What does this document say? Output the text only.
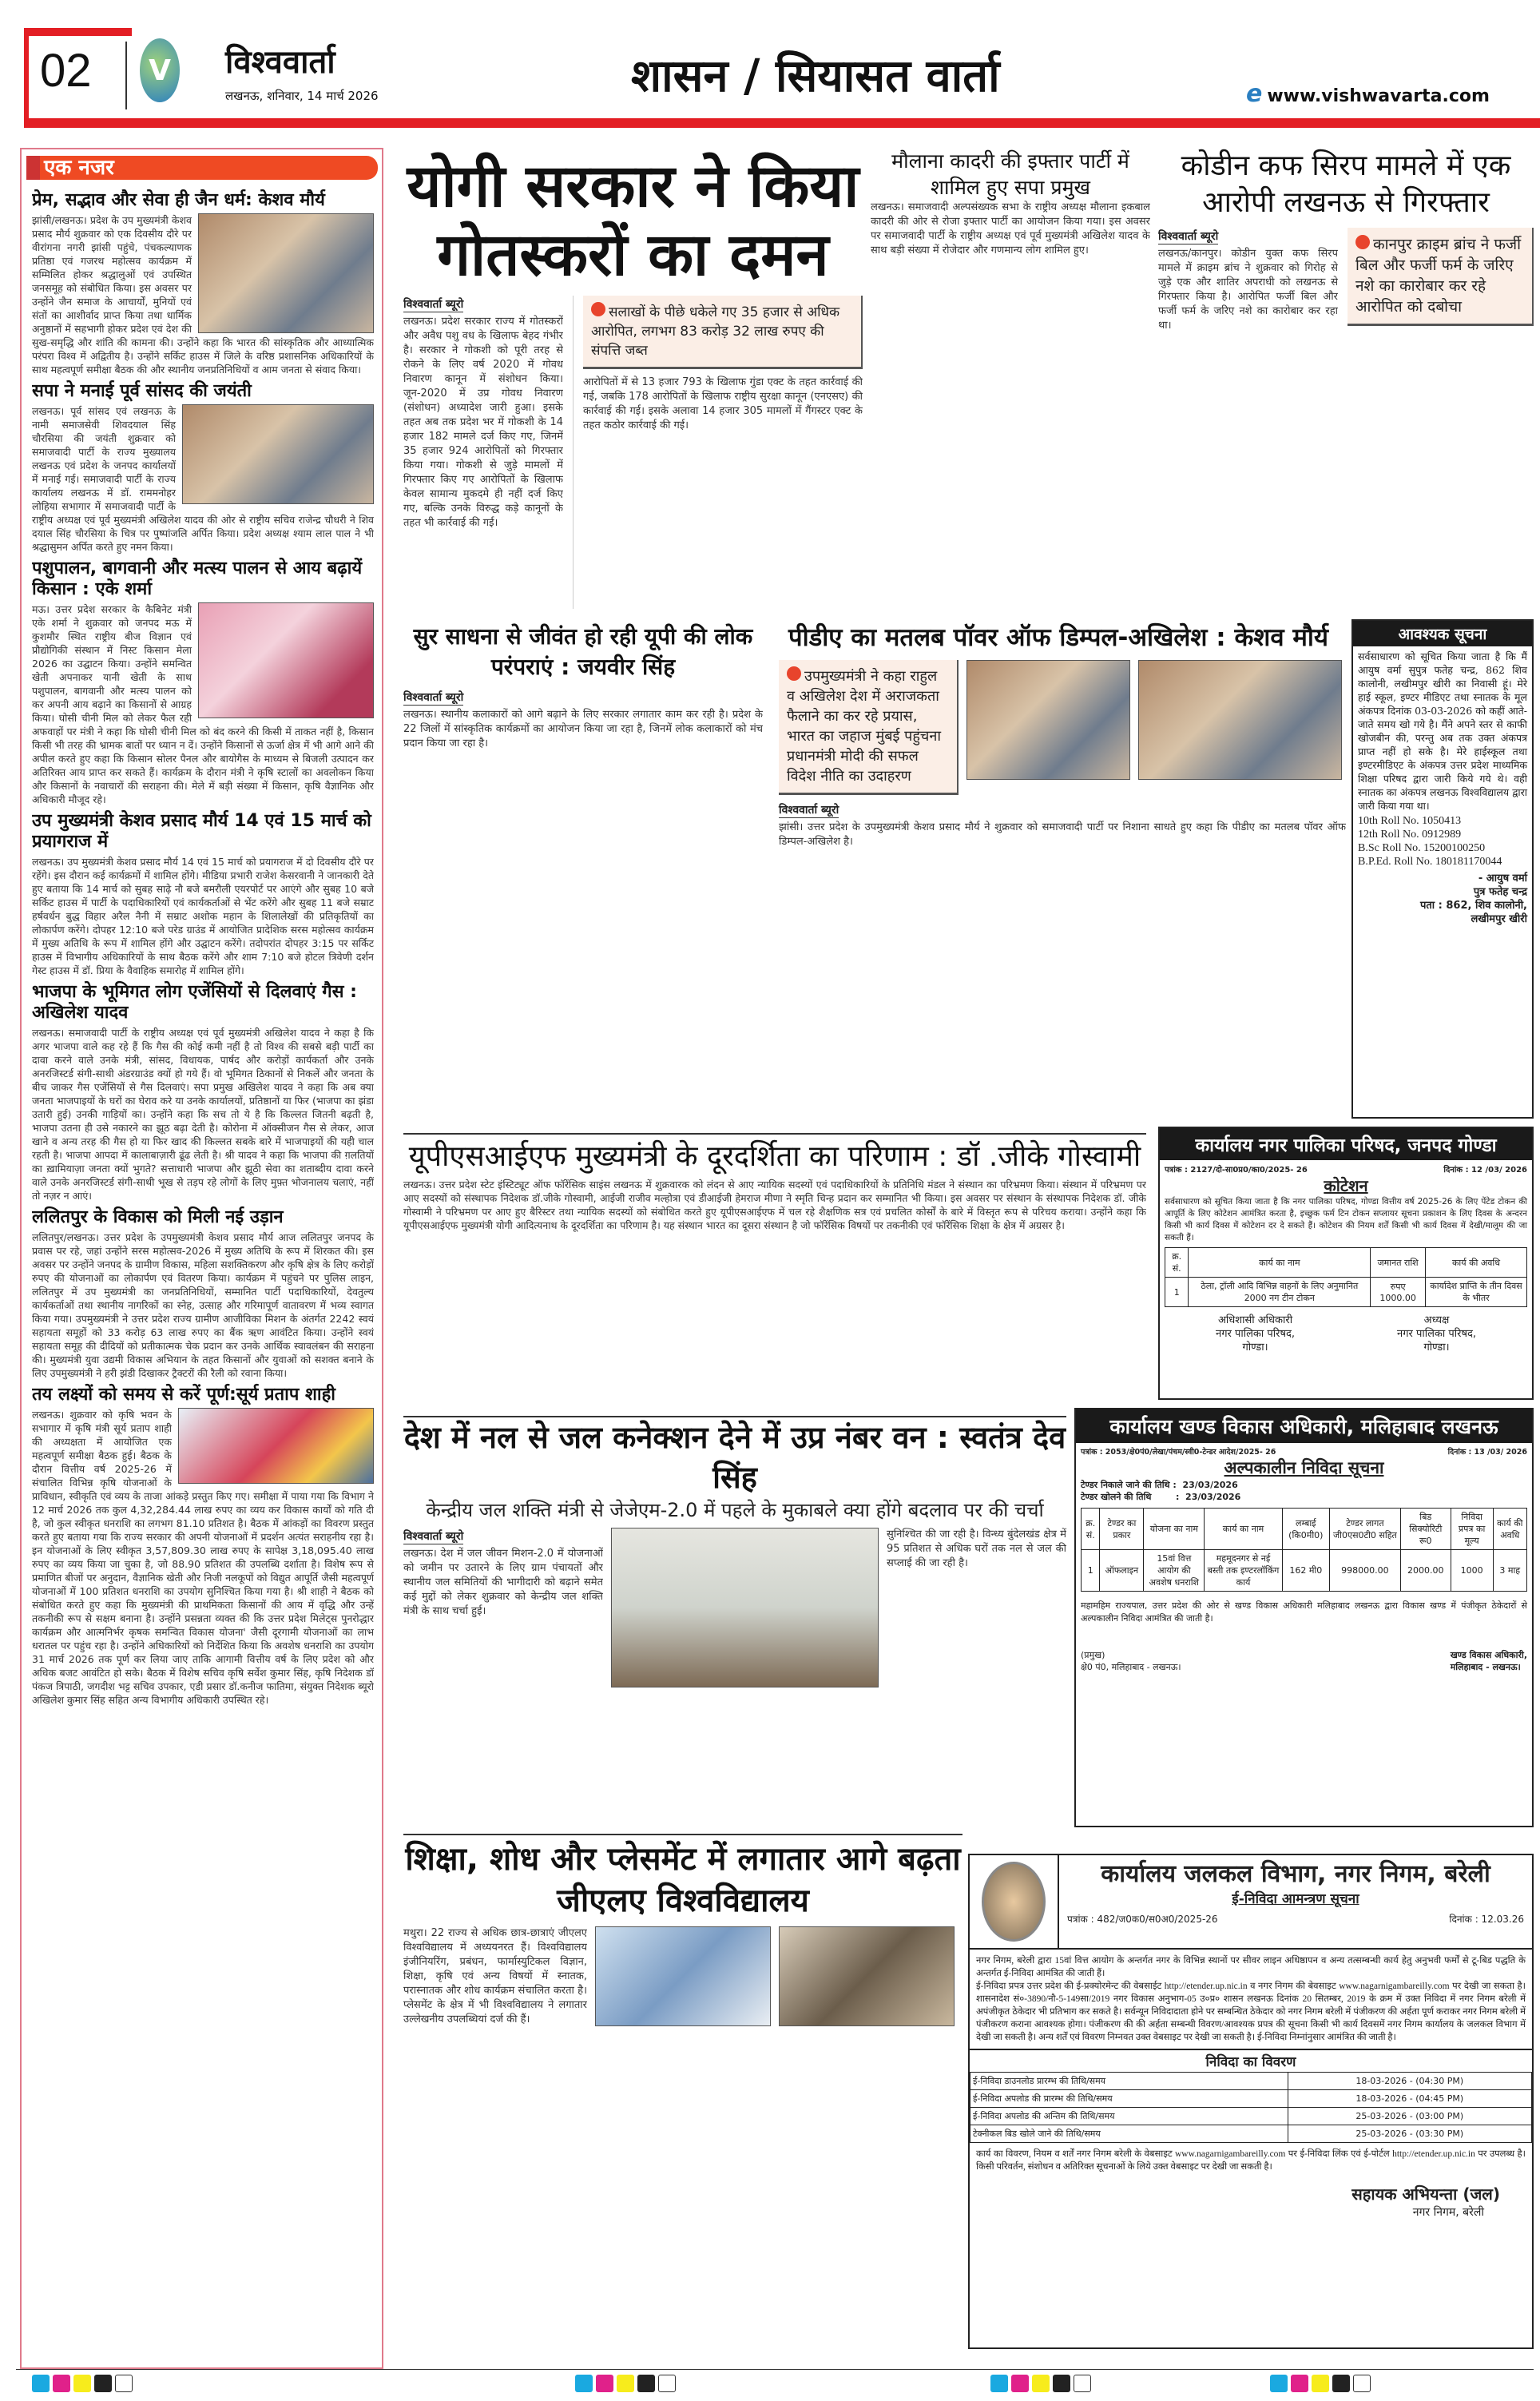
02	V विश्ववार्ता
लखनऊ, शनिवार, 14 मार्च 2026	शासन / सियासत वार्ता	e www.vishwavarta.com
एक नजर
प्रेम, सद्भाव और सेवा ही जैन धर्म: केशव मौर्य
झांसी/लखनऊ। प्रदेश के उप मुख्यमंत्री केशव प्रसाद मौर्य शुक्रवार को एक दिवसीय दौरे पर वीरांगना नगरी झांसी पहुंचे, पंचकल्याणक प्रतिष्ठा एवं गजरथ महोत्सव कार्यक्रम में सम्मिलित होकर श्रद्धालुओं एवं उपस्थित जनसमूह को संबोधित किया। इस अवसर पर उन्होंने जैन समाज के आचार्यों, मुनियों एवं संतों का आशीर्वाद प्राप्त किया तथा धार्मिक अनुष्ठानों में सहभागी होकर प्रदेश एवं देश की सुख-समृद्धि और शांति की कामना की। उन्होंने कहा कि भारत की सांस्कृतिक और आध्यात्मिक परंपरा विश्व में अद्वितीय है। उन्होंने सर्किट हाउस में जिले के वरिष्ठ प्रशासनिक अधिकारियों के साथ महत्वपूर्ण समीक्षा बैठक की और स्थानीय जनप्रतिनिधियों व आम जनता से संवाद किया।
सपा ने मनाई पूर्व सांसद की जयंती
लखनऊ। पूर्व सांसद एवं लखनऊ के नामी समाजसेवी शिवदयाल सिंह चौरसिया की जयंती शुक्रवार को समाजवादी पार्टी के राज्य मुख्यालय लखनऊ एवं प्रदेश के जनपद कार्यालयों में मनाई गई। समाजवादी पार्टी के राज्य कार्यालय लखनऊ में डॉ. राममनोहर लोहिया सभागार में समाजवादी पार्टी के राष्ट्रीय अध्यक्ष एवं पूर्व मुख्यमंत्री अखिलेश यादव की ओर से राष्ट्रीय सचिव राजेन्द्र चौधरी ने शिव दयाल सिंह चौरसिया के चित्र पर पुष्पांजलि अर्पित किया। प्रदेश अध्यक्ष श्याम लाल पाल ने भी श्रद्धासुमन अर्पित करते हुए नमन किया।
पशुपालन, बागवानी और मत्स्य पालन से आय बढ़ायें किसान : एके शर्मा
मऊ। उत्तर प्रदेश सरकार के कैबिनेट मंत्री एके शर्मा ने शुक्रवार को जनपद मऊ में कुशमौर स्थित राष्ट्रीय बीज विज्ञान एवं प्रौद्योगिकी संस्थान में निस्ट किसान मेला 2026 का उद्घाटन किया। उन्होंने समन्वित खेती अपनाकर यानी खेती के साथ पशुपालन, बागवानी और मत्स्य पालन को कर अपनी आय बढ़ाने का किसानों से आग्रह किया। घोसी चीनी मिल को लेकर फैल रही अफवाहों पर मंत्री ने कहा कि घोसी चीनी मिल को बंद करने की किसी में ताकत नहीं है, किसान किसी भी तरह की भ्रामक बातों पर ध्यान न दें। उन्होंने किसानों से ऊर्जा क्षेत्र में भी आगे आने की अपील करते हुए कहा कि किसान सोलर पैनल और बायोगैस के माध्यम से बिजली उत्पादन कर अतिरिक्त आय प्राप्त कर सकते हैं। कार्यक्रम के दौरान मंत्री ने कृषि स्टालों का अवलोकन किया और किसानों के नवाचारों की सराहना की। मेले में बड़ी संख्या में किसान, कृषि वैज्ञानिक और अधिकारी मौजूद रहे।
उप मुख्यमंत्री केशव प्रसाद मौर्य 14 एवं 15 मार्च को प्रयागराज में
लखनऊ। उप मुख्यमंत्री केशव प्रसाद मौर्य 14 एवं 15 मार्च को प्रयागराज में दो दिवसीय दौरे पर रहेंगे। इस दौरान कई कार्यक्रमों में शामिल होंगे। मीडिया प्रभारी राजेश केसरवानी ने जानकारी देते हुए बताया कि 14 मार्च को सुबह साढ़े नौ बजे बमरौली एयरपोर्ट पर आएंगे और सुबह 10 बजे सर्किट हाउस में पार्टी के पदाधिकारियों एवं कार्यकर्ताओं से भेंट करेंगे और सुबह 11 बजे सम्राट हर्षवर्धन बुद्ध विहार अरैल नैनी में सम्राट अशोक महान के शिलालेखों की प्रतिकृतियों का लोकार्पण करेंगे। दोपहर 12:10 बजे परेड ग्राउंड में आयोजित प्रादेशिक सरस महोत्सव कार्यक्रम में मुख्य अतिथि के रूप में शामिल होंगे और उद्घाटन करेंगे। तदोपरांत दोपहर 3:15 पर सर्किट हाउस में विभागीय अधिकारियों के साथ बैठक करेंगे और शाम 7:10 बजे होटल त्रिवेणी दर्शन गेस्ट हाउस में डॉ. प्रिया के वैवाहिक समारोह में शामिल होंगे।
भाजपा के भूमिगत लोग एजेंसियों से दिलवाएं गैस : अखिलेश यादव
लखनऊ। समाजवादी पार्टी के राष्ट्रीय अध्यक्ष एवं पूर्व मुख्यमंत्री अखिलेश यादव ने कहा है कि अगर भाजपा वाले कह रहे हैं कि गैस की कोई कमी नहीं है तो विश्व की सबसे बड़ी पार्टी का दावा करने वाले उनके मंत्री, सांसद, विधायक, पार्षद और करोड़ों कार्यकर्ता और उनके अनरजिस्टर्ड संगी-साथी अंडरग्राउंड क्यों हो गये हैं। वो भूमिगत ठिकानों से निकलें और जनता के बीच जाकर गैस एजेंसियों से गैस दिलवाएं। सपा प्रमुख अखिलेश यादव ने कहा कि अब क्या जनता भाजपाइयों के घरों का घेराव करे या उनके कार्यालयों, प्रतिष्ठानों या फिर (भाजपा का झंडा उतारी हुई) उनकी गाड़ियों का। उन्होंने कहा कि सच तो ये है कि किल्लत जितनी बढ़ती है, भाजपा उतना ही उसे नकारने का झूठ बढ़ा देती है। कोरोना में ऑक्सीजन गैस से लेकर, आज खाने व अन्य तरह की गैस हो या फिर खाद की किल्लत सबके बारे में भाजपाइयों की यही चाल रहती है। भाजपा आपदा में कालाबाज़ारी ढूंढ लेती है। श्री यादव ने कहा कि भाजपा की ग़लतियों का ख़ामियाज़ा जनता क्यों भुगते? सत्ताधारी भाजपा और झूठी सेवा का शताब्दीय दावा करने वाले उनके अनरजिस्टर्ड संगी-साथी भूख से तड़प रहे लोगों के लिए मुफ़्त भोजनालय चलाएं, नहीं तो नज़र न आएं।
ललितपुर के विकास को मिली नई उड़ान
ललितपुर/लखनऊ। उत्तर प्रदेश के उपमुख्यमंत्री केशव प्रसाद मौर्य आज ललितपुर जनपद के प्रवास पर रहे, जहां उन्होंने सरस महोत्सव-2026 में मुख्य अतिथि के रूप में शिरकत की। इस अवसर पर उन्होंने जनपद के ग्रामीण विकास, महिला सशक्तिकरण और कृषि क्षेत्र के लिए करोड़ों रुपए की योजनाओं का लोकार्पण एवं वितरण किया। कार्यक्रम में पहुंचने पर पुलिस लाइन, ललितपुर में उप मुख्यमंत्री का जनप्रतिनिधियों, सम्मानित पार्टी पदाधिकारियों, देवतुल्य कार्यकर्ताओं तथा स्थानीय नागरिकों का स्नेह, उत्साह और गरिमापूर्ण वातावरण में भव्य स्वागत किया गया। उपमुख्यमंत्री ने उत्तर प्रदेश राज्य ग्रामीण आजीविका मिशन के अंतर्गत 2242 स्वयं सहायता समूहों को 33 करोड़ 63 लाख रुपए का बैंक ऋण आवंटित किया। उन्होंने स्वयं सहायता समूह की दीदियों को प्रतीकात्मक चेक प्रदान कर उनके आर्थिक स्वावलंबन की सराहना की। मुख्यमंत्री युवा उद्यमी विकास अभियान के तहत किसानों और युवाओं को सशक्त बनाने के लिए उपमुख्यमंत्री ने हरी झंडी दिखाकर ट्रैक्टरों की रैली को रवाना किया।
तय लक्ष्यों को समय से करें पूर्ण:सूर्य प्रताप शाही
लखनऊ। शुक्रवार को कृषि भवन के सभागार में कृषि मंत्री सूर्य प्रताप शाही की अध्यक्षता में आयोजित एक महत्वपूर्ण समीक्षा बैठक हुई। बैठक के दौरान वित्तीय वर्ष 2025-26 में संचालित विभिन्न कृषि योजनाओं के प्राविधान, स्वीकृति एवं व्यय के ताजा आंकड़े प्रस्तुत किए गए। समीक्षा में पाया गया कि विभाग ने 12 मार्च 2026 तक कुल 4,32,284.44 लाख रुपए का व्यय कर विकास कार्यों को गति दी है, जो कुल स्वीकृत धनराशि का लगभग 81.10 प्रतिशत है। बैठक में आंकड़ों का विवरण प्रस्तुत करते हुए बताया गया कि राज्य सरकार की अपनी योजनाओं में प्रदर्शन अत्यंत सराहनीय रहा है। इन योजनाओं के लिए स्वीकृत 3,57,809.30 लाख रुपए के सापेक्ष 3,18,095.40 लाख रुपए का व्यय किया जा चुका है, जो 88.90 प्रतिशत की उपलब्धि दर्शाता है। विशेष रूप से प्रमाणित बीजों पर अनुदान, वैज्ञानिक खेती और निजी नलकूपों को विद्युत आपूर्ति जैसी महत्वपूर्ण योजनाओं में 100 प्रतिशत धनराशि का उपयोग सुनिश्चित किया गया है। श्री शाही ने बैठक को संबोधित करते हुए कहा कि मुख्यमंत्री की प्राथमिकता किसानों की आय में वृद्धि और उन्हें तकनीकी रूप से सक्षम बनाना है। उन्होंने प्रसन्नता व्यक्त की कि उत्तर प्रदेश मिलेट्स पुनरोद्धार कार्यक्रम और आत्मनिर्भर कृषक समन्वित विकास योजना' जैसी दूरगामी योजनाओं का लाभ धरातल पर पहुंच रहा है। उन्होंने अधिकारियों को निर्देशित किया कि अवशेष धनराशि का उपयोग 31 मार्च 2026 तक पूर्ण कर लिया जाए ताकि आगामी वित्तीय वर्ष के लिए प्रदेश को और अधिक बजट आवंटित हो सके। बैठक में विशेष सचिव कृषि सर्वेश कुमार सिंह, कृषि निदेशक डॉ पंकज त्रिपाठी, जगदीश भट्ट सचिव उपकार, एडी प्रसार डॉ.कनीज फातिमा, संयुक्त निदेशक ब्यूरो अखिलेश कुमार सिंह सहित अन्य विभागीय अधिकारी उपस्थित रहे।
योगी सरकार ने किया गोतस्करों का दमन
विश्ववार्ता ब्यूरो
लखनऊ। प्रदेश सरकार राज्य में गोतस्करों और अवैध पशु वध के खिलाफ बेहद गंभीर है। सरकार ने गोकशी को पूरी तरह से रोकने के लिए वर्ष 2020 में गोवध निवारण कानून में संशोधन किया। जून-2020 में उप्र गोवध निवारण (संशोधन) अध्यादेश जारी हुआ। इसके तहत अब तक प्रदेश भर में गोकशी के 14 हजार 182 मामले दर्ज किए गए, जिनमें 35 हजार 924 आरोपितों को गिरफ्तार किया गया। गोकशी से जुड़े मामलों में गिरफ्तार किए गए आरोपितों के खिलाफ केवल सामान्य मुकदमे ही नहीं दर्ज किए गए, बल्कि उनके विरुद्ध कड़े कानूनों के तहत भी कार्रवाई की गई।
सलाखों के पीछे धकेले गए 35 हजार से अधिक आरोपित, लगभग 83 करोड़ 32 लाख रुपए की संपत्ति जब्त
आरोपितों में से 13 हजार 793 के खिलाफ गुंडा एक्ट के तहत कार्रवाई की गई, जबकि 178 आरोपितों के खिलाफ राष्ट्रीय सुरक्षा कानून (एनएसए) की कार्रवाई की गई। इसके अलावा 14 हजार 305 मामलों में गैंगस्टर एक्ट के तहत कठोर कार्रवाई की गई।
मौलाना कादरी की इफ्तार पार्टी में शामिल हुए सपा प्रमुख
लखनऊ। समाजवादी अल्पसंख्यक सभा के राष्ट्रीय अध्यक्ष मौलाना इकबाल कादरी की ओर से रोजा इफ्तार पार्टी का आयोजन किया गया। इस अवसर पर समाजवादी पार्टी के राष्ट्रीय अध्यक्ष एवं पूर्व मुख्यमंत्री अखिलेश यादव के साथ बड़ी संख्या में रोजेदार और गणमान्य लोग शामिल हुए।
कोडीन कफ सिरप मामले में एक आरोपी लखनऊ से गिरफ्तार
विश्ववार्ता ब्यूरो
लखनऊ/कानपुर। कोडीन युक्त कफ सिरप मामले में क्राइम ब्रांच ने शुक्रवार को गिरोह से जुड़े एक और शातिर अपराधी को लखनऊ से गिरफ्तार किया है। आरोपित फर्जी बिल और फर्जी फर्म के जरिए नशे का कारोबार कर रहा था।
कानपुर क्राइम ब्रांच ने फर्जी बिल और फर्जी फर्म के जरिए नशे का कारोबार कर रहे आरोपित को दबोचा
सुर साधना से जीवंत हो रही यूपी की लोक परंपराएं : जयवीर सिंह
विश्ववार्ता ब्यूरो
लखनऊ। स्थानीय कलाकारों को आगे बढ़ाने के लिए सरकार लगातार काम कर रही है। प्रदेश के 22 जिलों में सांस्कृतिक कार्यक्रमों का आयोजन किया जा रहा है, जिनमें लोक कलाकारों को मंच प्रदान किया जा रहा है।
पीडीए का मतलब पॉवर ऑफ डिम्पल-अखिलेश : केशव मौर्य
उपमुख्यमंत्री ने कहा राहुल व अखिलेश देश में अराजकता फैलाने का कर रहे प्रयास, भारत का जहाज मुंबई पहुंचना प्रधानमंत्री मोदी की सफल विदेश नीति का उदाहरण
विश्ववार्ता ब्यूरो
झांसी। उत्तर प्रदेश के उपमुख्यमंत्री केशव प्रसाद मौर्य ने शुक्रवार को समाजवादी पार्टी पर निशाना साधते हुए कहा कि पीडीए का मतलब पॉवर ऑफ डिम्पल-अखिलेश है।
आवश्यक सूचना
सर्वसाधारण को सूचित किया जाता है कि मैं आयुष वर्मा सुपुत्र फतेह चन्द्र, 862 शिव कालोनी, लखीमपुर खीरी का निवासी हूं। मेरे हाई स्कूल, इण्टर मीडिएट तथा स्नातक के मूल अंकपत्र दिनांक 03-03-2026 को कहीं आते-जाते समय खो गये है। मैंने अपने स्तर से काफी खोजबीन की, परन्तु अब तक उक्त अंकपत्र प्राप्त नहीं हो सके है। मेरे हाईस्कूल तथा इण्टरमीडिएट के अंकपत्र उत्तर प्रदेश माध्यमिक शिक्षा परिषद द्वारा जारी किये गये थे। वही स्नातक का अंकपत्र लखनऊ विश्वविद्यालय द्वारा जारी किया गया था।
10th Roll No. 1050413
12th Roll No. 0912989
B.Sc Roll No. 15200100250
B.P.Ed. Roll No. 180181170044
- आयुष वर्मा
पुत्र फतेह चन्द्र
पता : 862, शिव कालोनी,
लखीमपुर खीरी
यूपीएसआईएफ मुख्यमंत्री के दूरदर्शिता का परिणाम : डॉ .जीके गोस्वामी
लखनऊ। उत्तर प्रदेश स्टेट इंस्टिट्यूट ऑफ फॉरेंसिक साइंस लखनऊ में शुक्रवारक को लंदन से आए न्यायिक सदस्यों एवं पदाधिकारियों के प्रतिनिधि मंडल ने संस्थान का परिभ्रमण किया। संस्थान में परिभ्रमण पर आए सदस्यों को संस्थापक निदेशक डॉ.जीके गोस्वामी, आईजी राजीव मल्होत्रा एवं डीआईजी हेमराज मीणा ने स्मृति चिन्ह प्रदान कर सम्मानित भी किया। इस अवसर पर संस्थान के संस्थापक निदेशक डॉ. जीके गोस्वामी ने परिभ्रमण पर आए हुए बैरिस्टर तथा न्यायिक सदस्यों को संबोधित करते हुए यूपीएसआईएफ में चल रहे शैक्षणिक सत्र एवं प्रचलित कोर्सों के बारे में विस्तृत रूप से परिचय कराया। उन्होंने कहा कि यूपीएसआईएफ मुख्यमंत्री योगी आदित्यनाथ के दूरदर्शिता का परिणाम है। यह संस्थान भारत का दूसरा संस्थान है जो फॉरेंसिक विषयों पर तकनीकी एवं फॉरेंसिक शिक्षा के क्षेत्र में अग्रसर है।
कार्यालय नगर पालिका परिषद, जनपद गोण्डा
पत्रांक : 2127/दो-सा0प्र0/का0/2025- 26	दिनांक : 12 /03/ 2026
कोटेशन
सर्वसाधारण को सूचित किया जाता है कि नगर पालिका परिषद, गोण्डा वित्तीय वर्ष 2025-26 के लिए पेंटेड टोकन की आपूर्ति के लिए कोटेशन आमंत्रित करता है, इच्छुक फर्म टिन टोकन सप्लायर सूचना प्रकाशन के लिए दिवस के अन्दरन किसी भी कार्य दिवस में कोटेशन दर दे सकते हैं। कोटेशन की नियम शर्तें किसी भी कार्य दिवस में देखी/मालूम की जा सकती हैं।
क्र. सं.	कार्य का नाम	जमानत राशि	कार्य की अवधि
1	ठेला, ट्रॉली आदि विभिन्न वाहनों के लिए अनुमानित 2000 नग टीन टोकन	रुपए 1000.00	कार्यादेश प्राप्ति के तीन दिवस के भीतर
अधिशासी अधिकारी
नगर पालिका परिषद,
गोण्डा।
अध्यक्ष
नगर पालिका परिषद,
गोण्डा।
देश में नल से जल कनेक्शन देने में उप्र नंबर वन : स्वतंत्र देव सिंह
केन्द्रीय जल शक्ति मंत्री से जेजेएम-2.0 में पहले के मुकाबले क्या होंगे बदलाव पर की चर्चा
विश्ववार्ता ब्यूरो
लखनऊ। देश में जल जीवन मिशन-2.0 में योजनाओं को जमीन पर उतारने के लिए ग्राम पंचायतों और स्थानीय जल समितियों की भागीदारी को बढ़ाने समेत कई मुद्दों को लेकर शुक्रवार को केन्द्रीय जल शक्ति मंत्री के साथ चर्चा हुई।
सुनिश्चित की जा रही है। विन्ध्य बुंदेलखंड क्षेत्र में 95 प्रतिशत से अधिक घरों तक नल से जल की सप्लाई की जा रही है।
कार्यालय खण्ड विकास अधिकारी, मलिहाबाद लखनऊ
पत्रांक : 2053/क्षे0पं0/लेखा/पंचम/स्वी0-टेन्डर आदेश/2025- 26	दिनांक : 13 /03/ 2026
अल्पकालीन निविदा सूचना
टेण्डर निकाले जाने की तिथि :  23/03/2026
टेण्डर खोलने की तिथि        :  23/03/2026
क्र. सं.	टेण्डर का प्रकार	योजना का नाम	कार्य का नाम	लम्बाई (कि0मी0)	टेण्डर लागत जी0एस0टी0 सहित	बिड सिक्योरिटी रू0	निविदा प्रपत्र का मूल्य	कार्य की अवधि
1	ऑफलाइन	15वां वित्त आयोग की अवशेष धनराशि	महमूदनगर से नई बस्ती तक इण्टरलॉकिंग कार्य	162 मी0	998000.00	2000.00	1000	3 माह
महामहिम राज्यपाल, उत्तर प्रदेश की ओर से खण्ड विकास अधिकारी मलिहाबाद लखनऊ द्वारा विकास खण्ड में पंजीकृत ठेकेदारों से अल्पकालीन निविदा आमंत्रित की जाती है।
(प्रमुख)
क्षे0 पं0, मलिहाबाद - लखनऊ।
खण्ड विकास अधिकारी,
मलिहाबाद - लखनऊ।
शिक्षा, शोध और प्लेसमेंट में लगातार आगे बढ़ता जीएलए विश्वविद्यालय
मथुरा। 22 राज्य से अधिक छात्र-छात्राएं जीएलए विश्वविद्यालय में अध्ययनरत हैं। विश्वविद्यालय इंजीनियरिंग, प्रबंधन, फार्मास्युटिकल विज्ञान, शिक्षा, कृषि एवं अन्य विषयों में स्नातक, परास्नातक और शोध कार्यक्रम संचालित करता है। प्लेसमेंट के क्षेत्र में भी विश्वविद्यालय ने लगातार उल्लेखनीय उपलब्धियां दर्ज की हैं।
कार्यालय जलकल विभाग, नगर निगम, बरेली
ई-निविदा आमन्त्रण सूचना
पत्रांक : 482/ज0क0/स0अ0/2025-26	दिनांक : 12.03.26
नगर निगम, बरेली द्वारा 15वां वित्त आयोग के अन्तर्गत नगर के विभिन्न स्थानों पर सीवर लाइन अधिष्ठापन व अन्य तत्सम्बन्धी कार्य हेतु अनुभवी फर्मों से टू-बिड पद्धति के अन्तर्गत ई-निविदा आमंत्रित की जाती हैं।
ई-निविदा प्रपत्र उत्तर प्रदेश की ई-प्रक्योरमेन्ट की वेबसाईट http://etender.up.nic.in व नगर निगम की बेवसाइट www.nagarnigambareilly.com पर देखी जा सकता है। शासनादेश सं०-3890/नौ-5-149सा/2019 नगर विकास अनुभाग-05 उ०प्र० शासन लखनऊ दिनांक 20 सितम्बर, 2019 के क्रम में उक्त निविदा में नगर निगम बरेली में अपंजीकृत ठेकेदार भी प्रतिभाग कर सकते है। सर्वन्यून निविदादाता होने पर सम्बन्धित ठेकेदार को नगर निगम बरेली में पंजीकरण की अर्हता पूर्ण कराकर नगर निगम बरेली में पंजीकरण कराना आवश्यक होगा। पंजीकरण की की अर्हता सम्बन्धी विवरण/आवश्यक प्रपत्र की सूचना किसी भी कार्य दिवसमें नगर निगम कार्यालय के जलकल विभाग में देखी जा सकती है। अन्य शर्तें एवं विवरण निम्नवत उक्त वेबसाइट पर देखी जा सकती है। ई-निविदा निम्नांनुसार आमंत्रित की जाती है।
निविदा का विवरण
ई-निविदा डाउनलोड प्रारम्भ की तिथि/समय	18-03-2026 - (04:30 PM)
ई-निविदा अपलोड की प्रारम्भ की तिथि/समय	18-03-2026 - (04:45 PM)
ई-निविदा अपलोड की अन्तिम की तिथि/समय	25-03-2026 - (03:00 PM)
टेक्नीकल बिड खोले जाने की तिथि/समय	25-03-2026 - (03:30 PM)
कार्य का विवरण, नियम व शर्तें नगर निगम बरेली के वेबसाइट www.nagarnigambareilly.com पर ई-निविदा लिंक एवं ई-पोर्टल http://etender.up.nic.in पर उपलब्ध है। किसी परिवर्तन, संशोधन व अतिरिक्त सूचनाओं के लिये उक्त वेबसाइट पर देखी जा सकती है।
सहायक अभियन्ता (जल)
नगर निगम, बरेली
